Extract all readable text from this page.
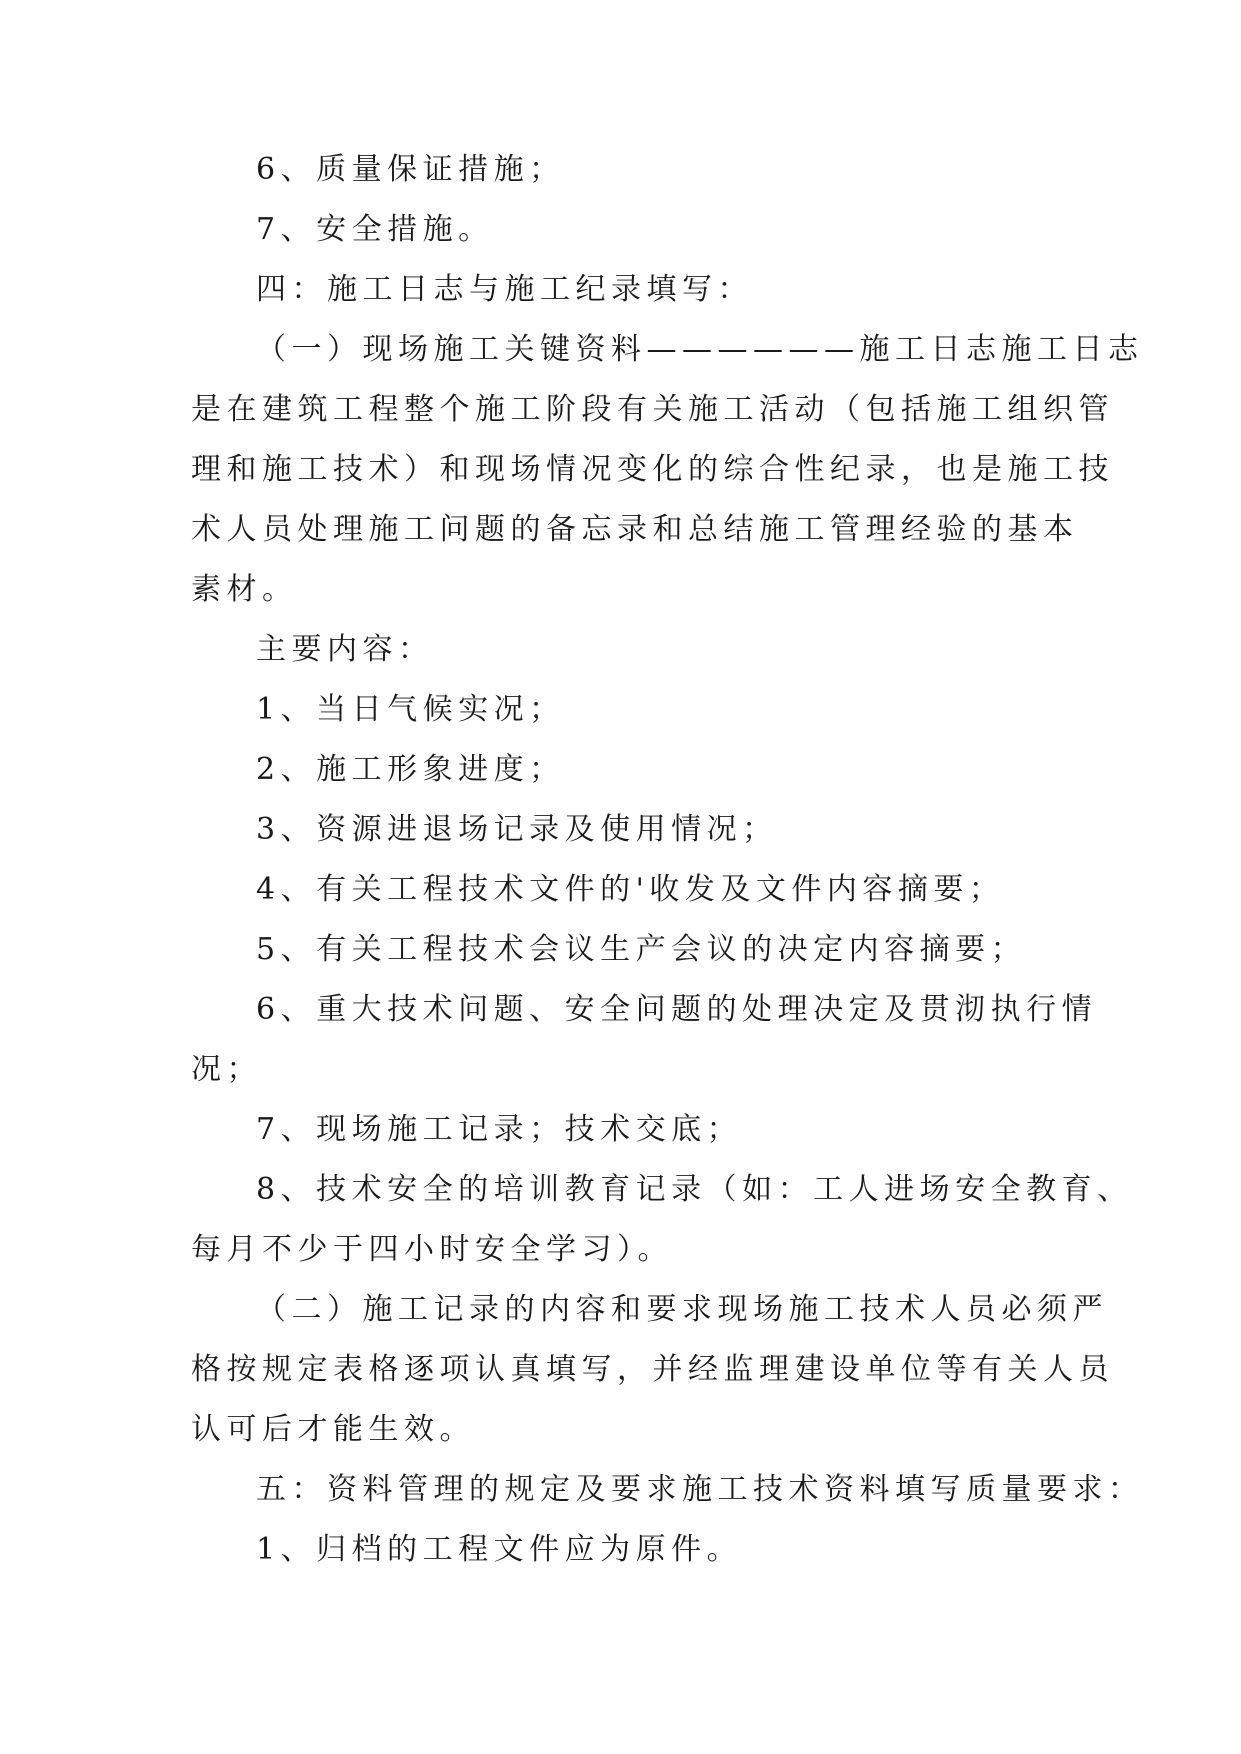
6、质量保证措施；
7、安全措施。
四：施工日志与施工纪录填写：
（一）现场施工关键资料——————施工日志施工日志
是在建筑工程整个施工阶段有关施工活动（包括施工组织管
理和施工技术）和现场情况变化的综合性纪录，也是施工技
术人员处理施工问题的备忘录和总结施工管理经验的基本
素材。
主要内容：
1、当日气候实况；
2、施工形象进度；
3、资源进退场记录及使用情况；
4、有关工程技术文件的'收发及文件内容摘要；
5、有关工程技术会议生产会议的决定内容摘要；
6、重大技术问题、安全问题的处理决定及贯沏执行情
况；
7、现场施工记录；技术交底；
8、技术安全的培训教育记录（如：工人进场安全教育、
每月不少于四小时安全学习）。
（二）施工记录的内容和要求现场施工技术人员必须严
格按规定表格逐项认真填写，并经监理建设单位等有关人员
认可后才能生效。
五：资料管理的规定及要求施工技术资料填写质量要求：
1、归档的工程文件应为原件。
